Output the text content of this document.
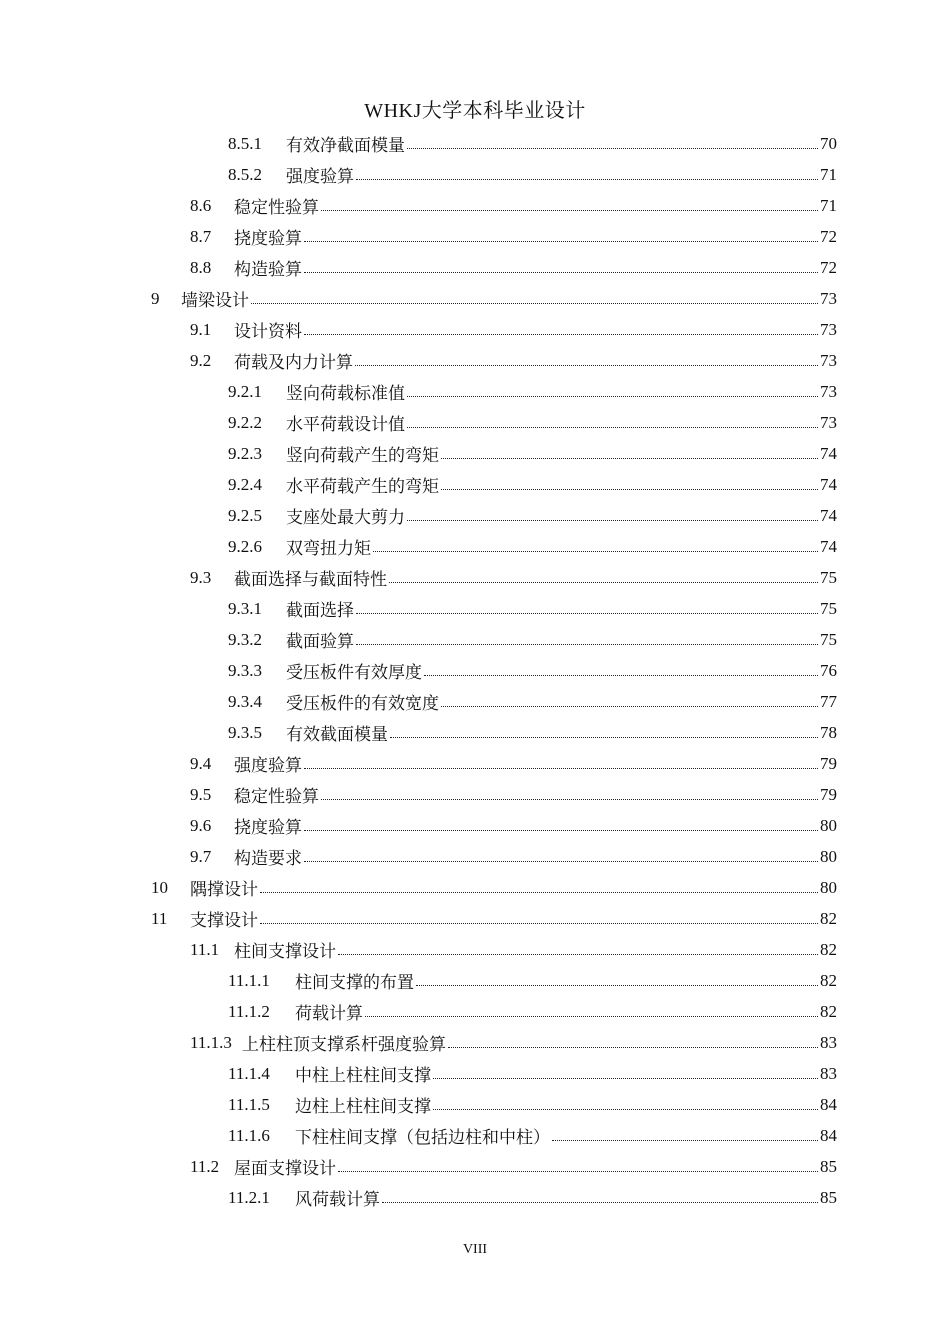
WHKJ大学本科毕业设计
8.5.1	有效净截面模量	70
8.5.2	强度验算	71
8.6	稳定性验算	71
8.7	挠度验算	72
8.8	构造验算	72
9	墙梁设计	73
9.1	设计资料	73
9.2	荷载及内力计算	73
9.2.1	竖向荷载标准值	73
9.2.2	水平荷载设计值	73
9.2.3	竖向荷载产生的弯矩	74
9.2.4	水平荷载产生的弯矩	74
9.2.5	支座处最大剪力	74
9.2.6	双弯扭力矩	74
9.3	截面选择与截面特性	75
9.3.1	截面选择	75
9.3.2	截面验算	75
9.3.3	受压板件有效厚度	76
9.3.4	受压板件的有效宽度	77
9.3.5	有效截面模量	78
9.4	强度验算	79
9.5	稳定性验算	79
9.6	挠度验算	80
9.7	构造要求	80
10	隅撑设计	80
11	支撑设计	82
11.1 柱间支撑设计	82
11.1.1	柱间支撑的布置	82
11.1.2	荷载计算	82
11.1.3 上柱柱顶支撑系杆强度验算	83
11.1.4	中柱上柱柱间支撑	83
11.1.5	边柱上柱柱间支撑	84
11.1.6	下柱柱间支撑（包括边柱和中柱）	84
11.2 屋面支撑设计	85
11.2.1	风荷载计算	85
VIII
